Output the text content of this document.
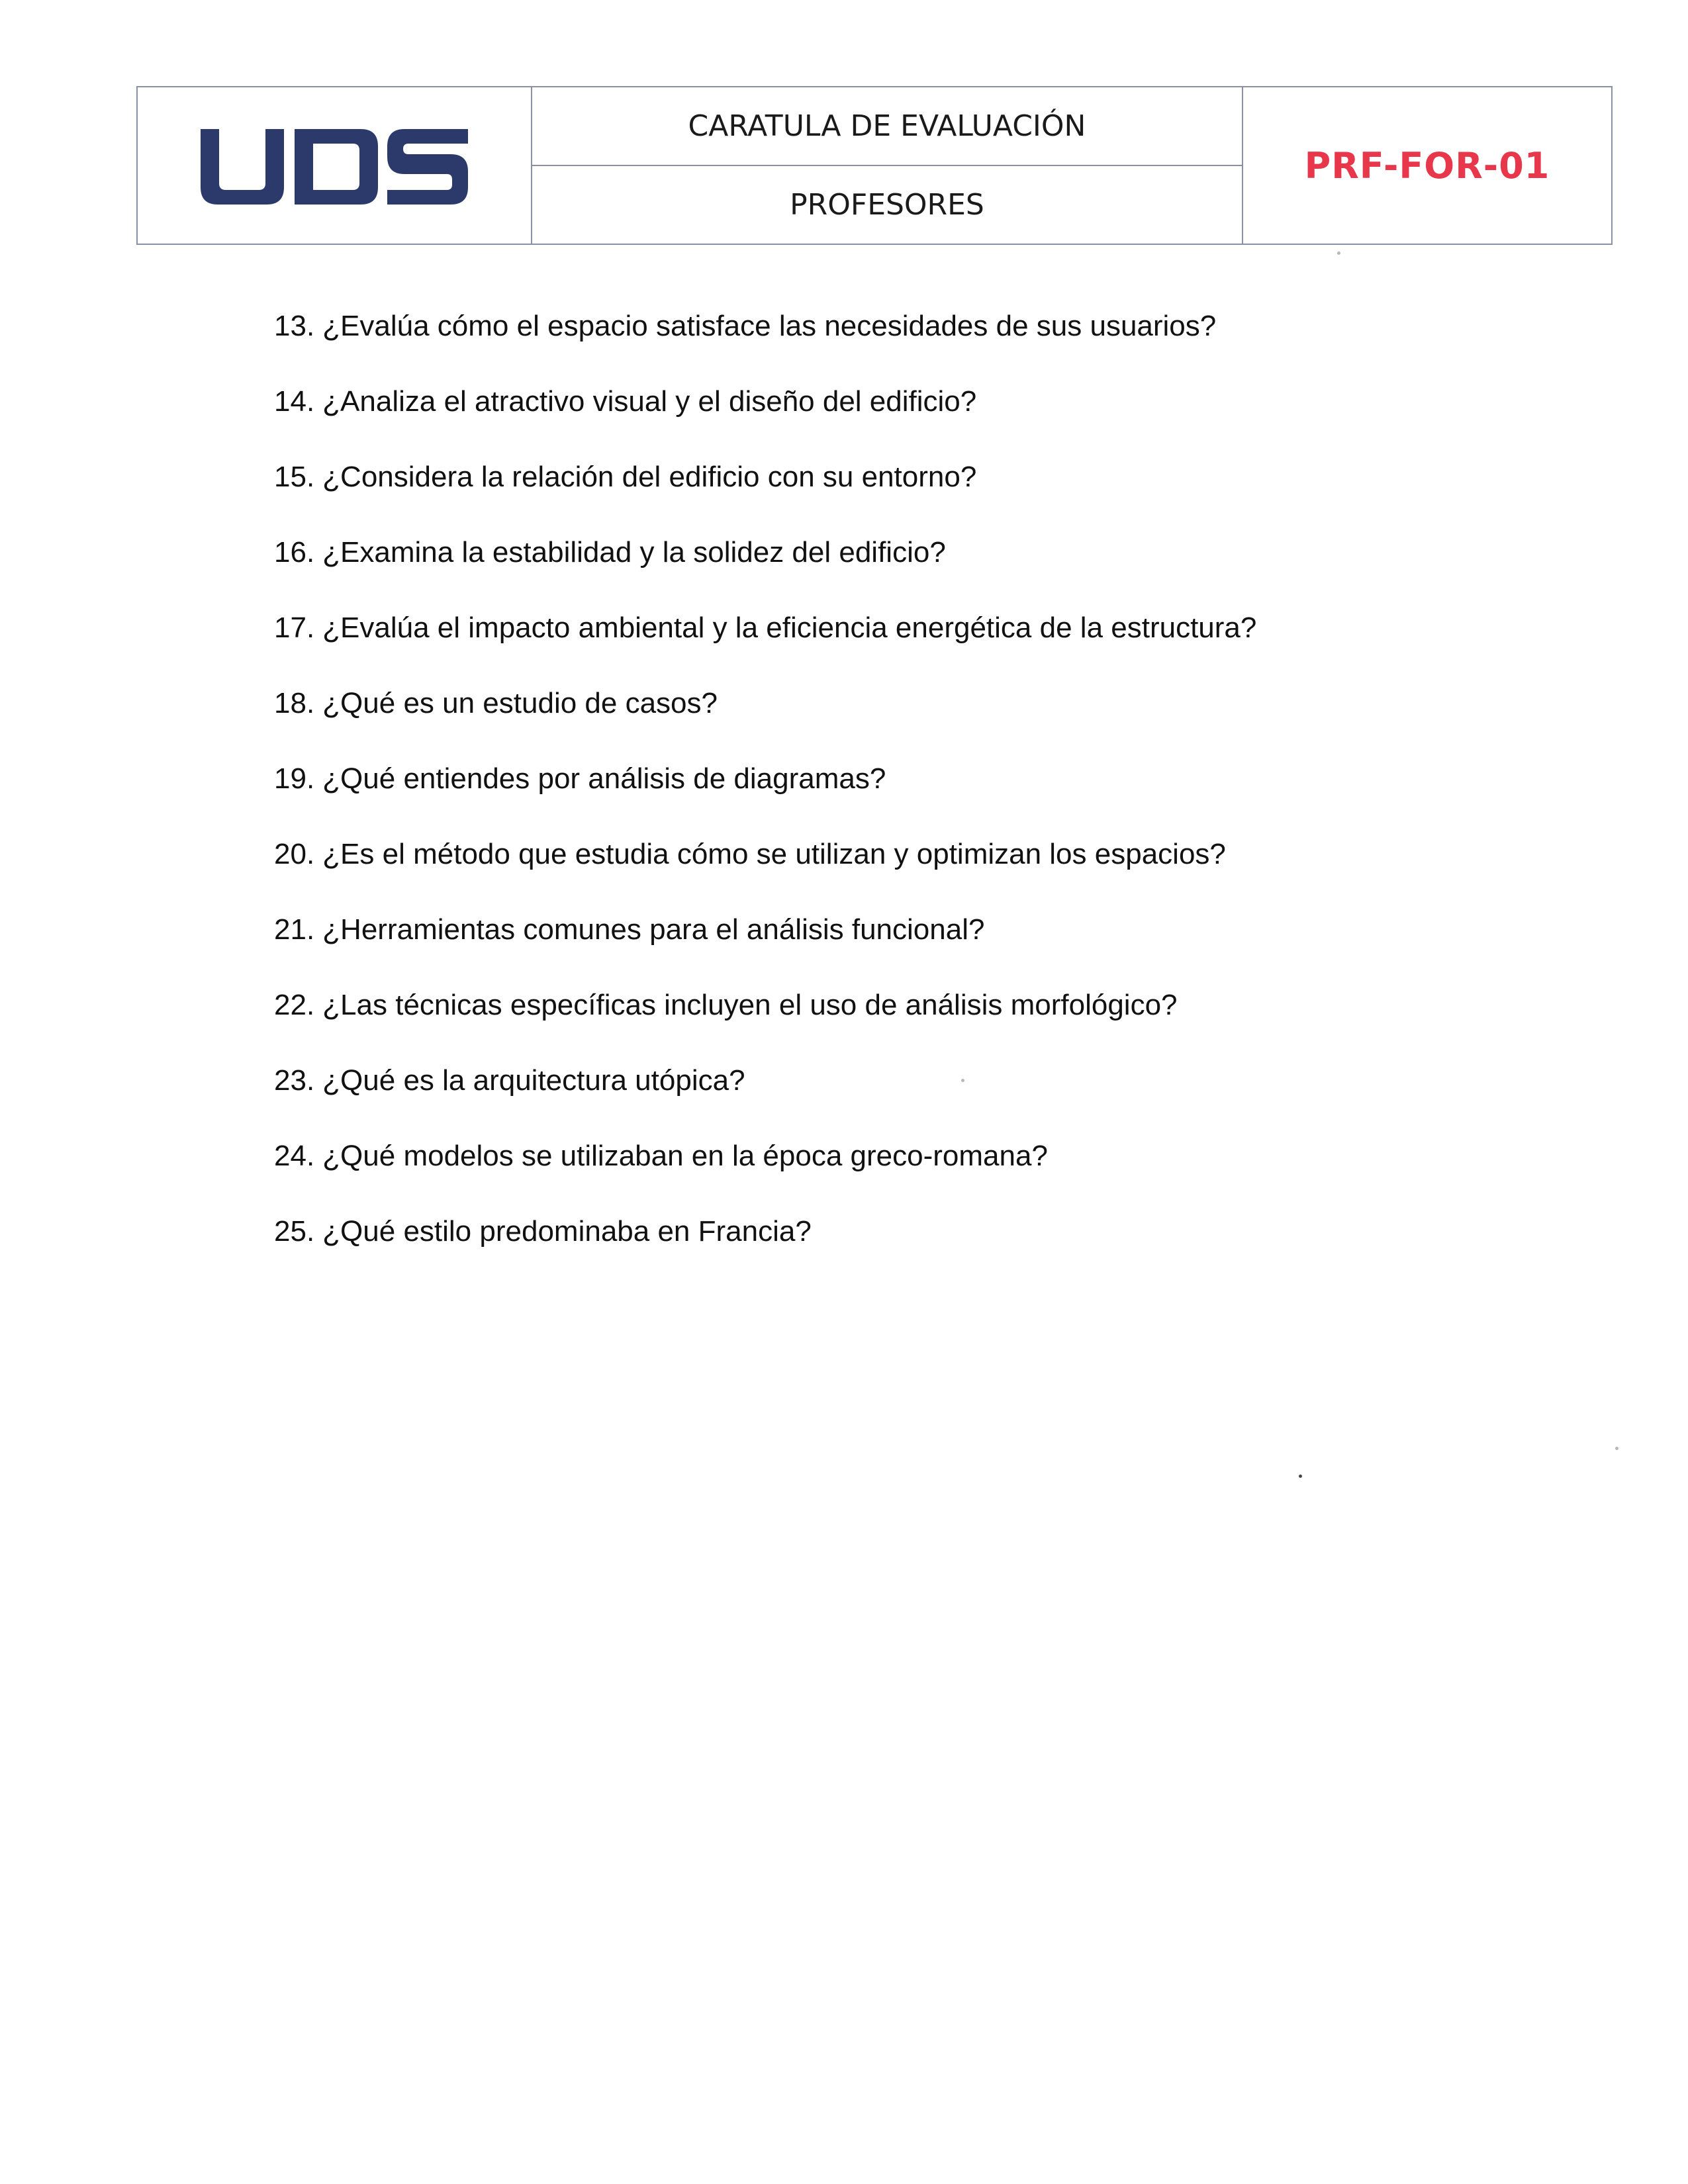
CARATULA DE EVALUACIÓN
PROFESORES
PRF-FOR-01
13. ¿Evalúa cómo el espacio satisface las necesidades de sus usuarios?
14. ¿Analiza el atractivo visual y el diseño del edificio?
15. ¿Considera la relación del edificio con su entorno?
16. ¿Examina la estabilidad y la solidez del edificio?
17. ¿Evalúa el impacto ambiental y la eficiencia energética de la estructura?
18. ¿Qué es un estudio de casos?
19. ¿Qué entiendes por análisis de diagramas?
20. ¿Es el método que estudia cómo se utilizan y optimizan los espacios?
21. ¿Herramientas comunes para el análisis funcional?
22. ¿Las técnicas específicas incluyen el uso de análisis morfológico?
23. ¿Qué es la arquitectura utópica?
24. ¿Qué modelos se utilizaban en la época greco-romana?
25. ¿Qué estilo predominaba en Francia?
